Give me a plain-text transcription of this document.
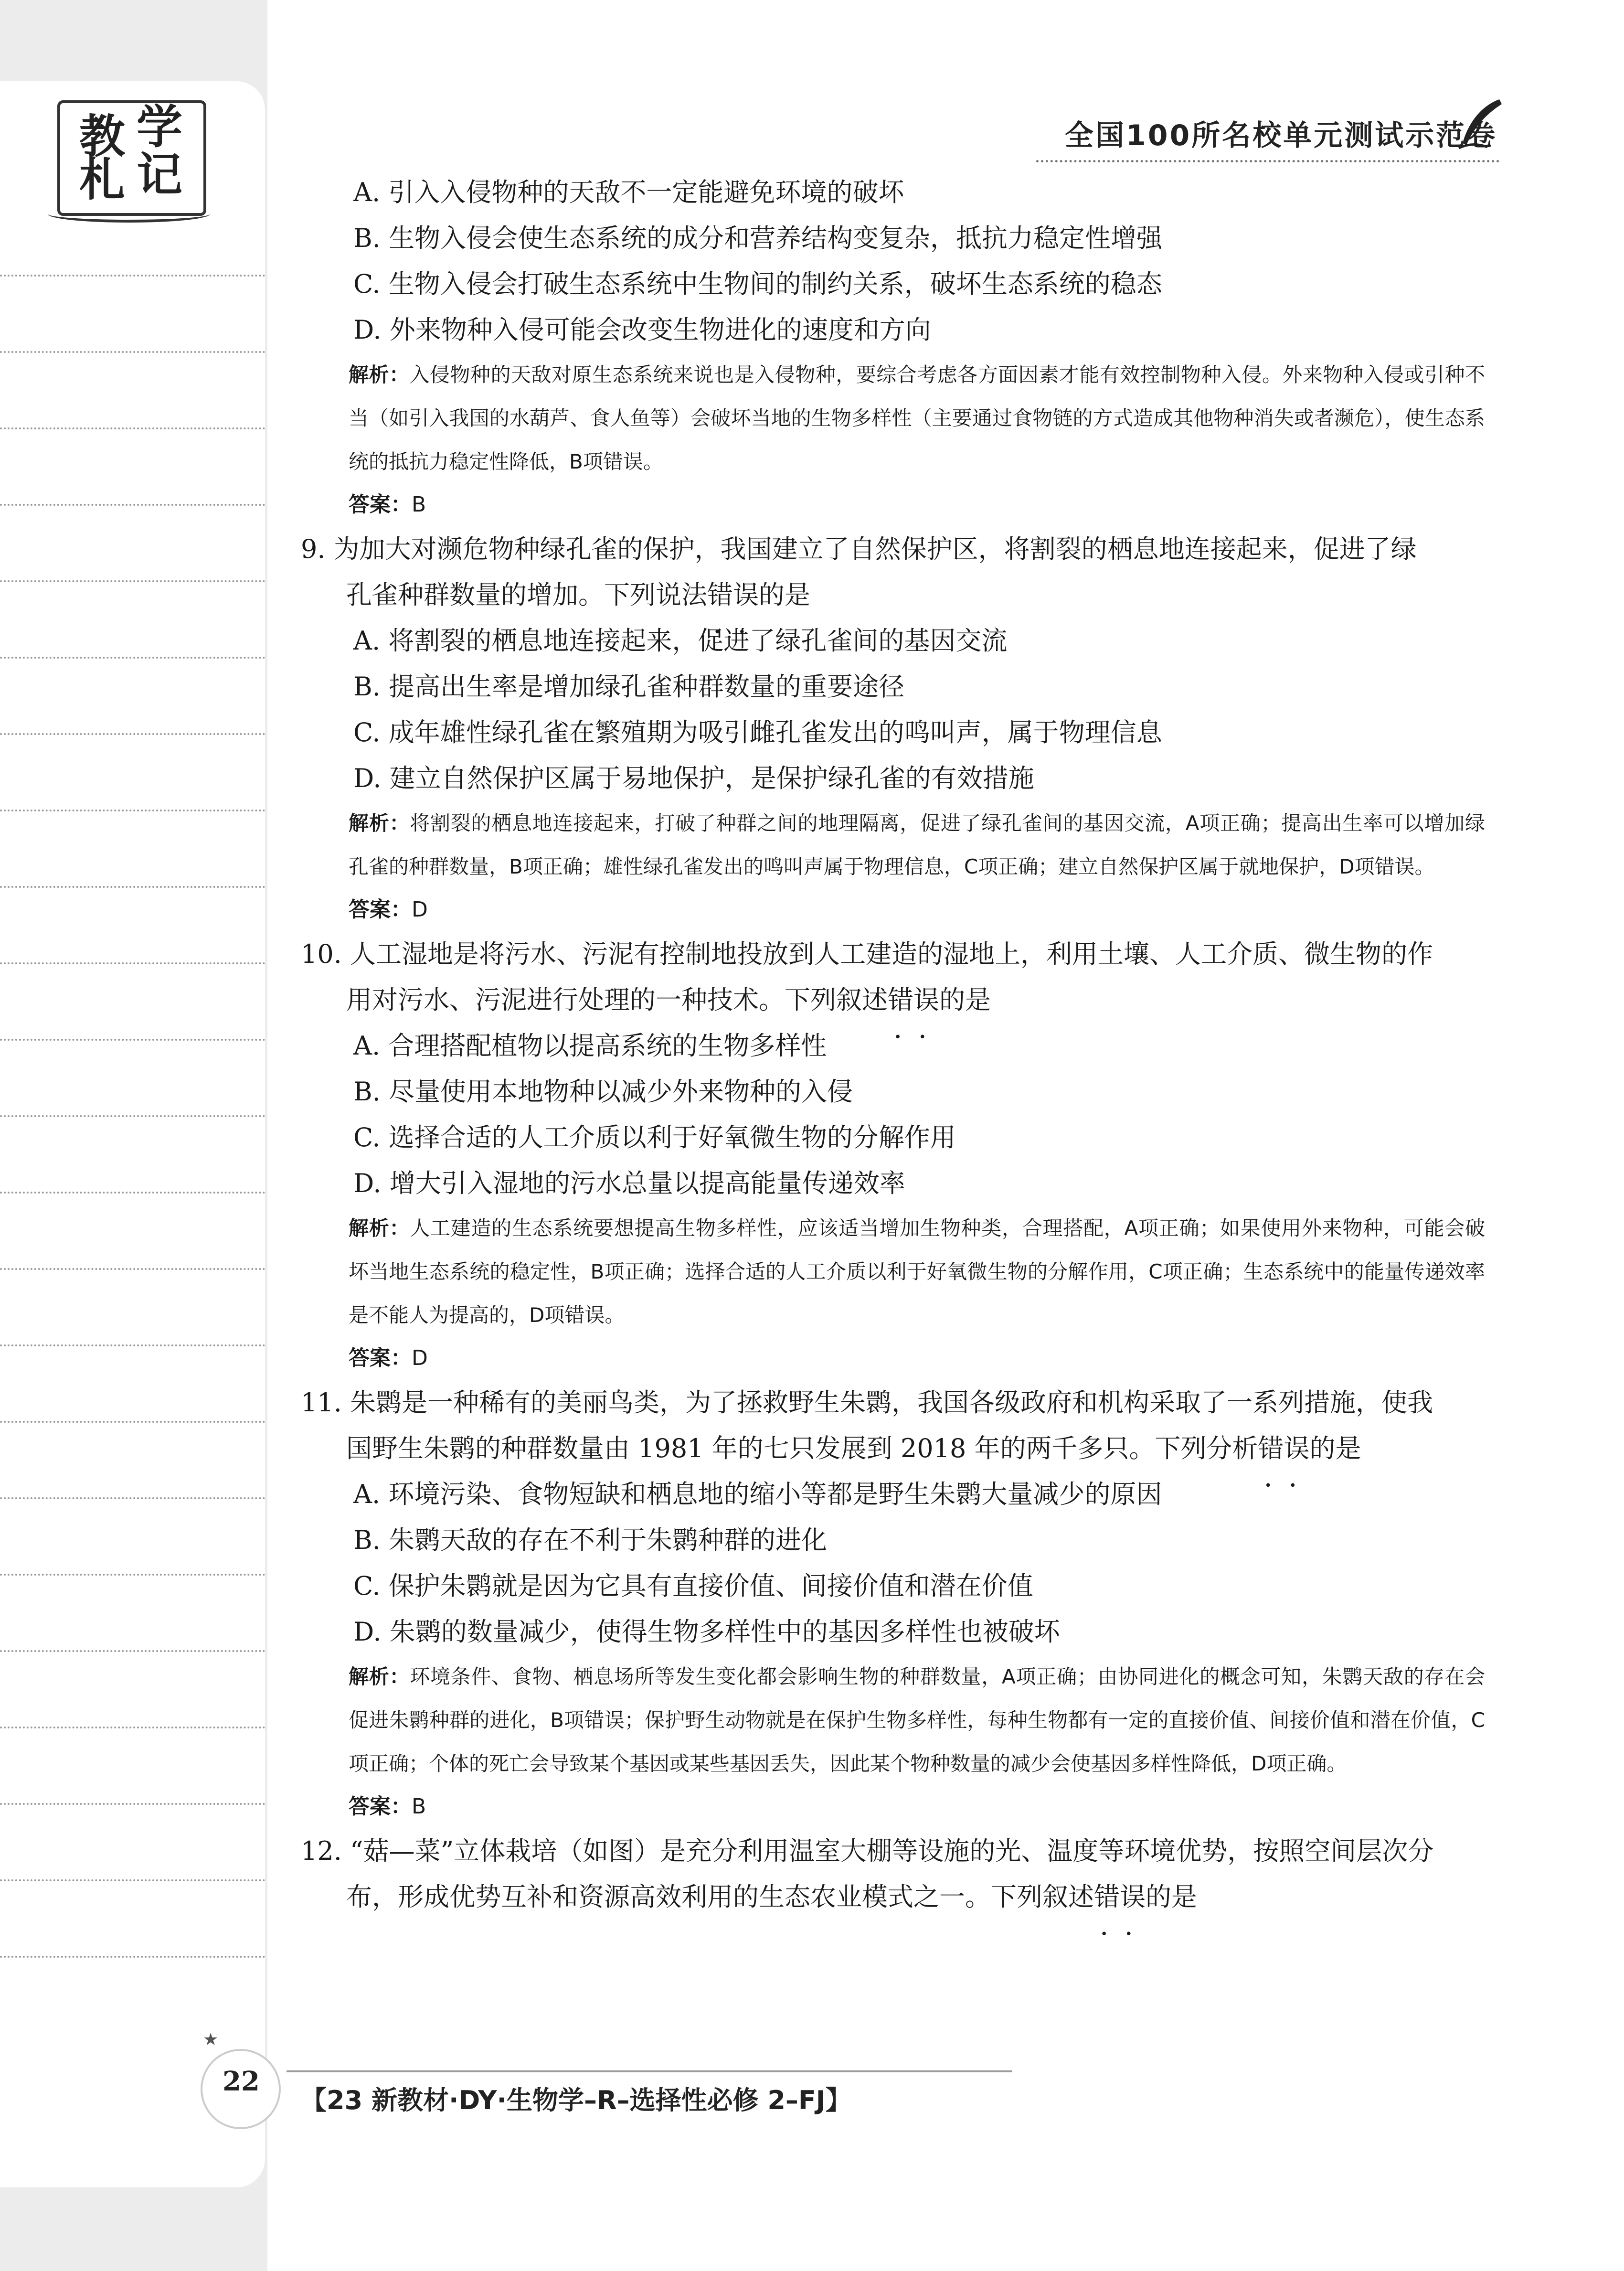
教 学
札 记
全国100所名校单元测试示范卷

A. 引入入侵物种的天敌不一定能避免环境的破坏

B. 生物入侵会使生态系统的成分和营养结构变复杂，抵抗力稳定性增强

C. 生物入侵会打破生态系统中生物间的制约关系，破坏生态系统的稳态

D. 外来物种入侵可能会改变生物进化的速度和方向

解析：入侵物种的天敌对原生态系统来说也是入侵物种，要综合考虑各方面因素才能有效控制物种入侵。外来物种入侵或引种不当（如引入我国的水葫芦、食人鱼等）会破坏当地的生物多样性（主要通过食物链的方式造成其他物种消失或者濒危），使生态系统的抵抗力稳定性降低，B项错误。

答案：B

9. 为加大对濒危物种绿孔雀的保护，我国建立了自然保护区，将割裂的栖息地连接起来，促进了绿

孔雀种群数量的增加。下列说法错误 • •的是

A. 将割裂的栖息地连接起来，促进了绿孔雀间的基因交流

B. 提高出生率是增加绿孔雀种群数量的重要途径

C. 成年雄性绿孔雀在繁殖期为吸引雌孔雀发出的鸣叫声，属于物理信息

D. 建立自然保护区属于易地保护，是保护绿孔雀的有效措施

解析：将割裂的栖息地连接起来，打破了种群之间的地理隔离，促进了绿孔雀间的基因交流，A项正确；提高出生率可以增加绿孔雀的种群数量，B项正确；雄性绿孔雀发出的鸣叫声属于物理信息，C项正确；建立自然保护区属于就地保护，D项错误。

答案：D

10. 人工湿地是将污水、污泥有控制地投放到人工建造的湿地上，利用土壤、人工介质、微生物的作

用对污水、污泥进行处理的一种技术。下列叙述错误 • •的是

A. 合理搭配植物以提高系统的生物多样性

B. 尽量使用本地物种以减少外来物种的入侵

C. 选择合适的人工介质以利于好氧微生物的分解作用

D. 增大引入湿地的污水总量以提高能量传递效率

解析：人工建造的生态系统要想提高生物多样性，应该适当增加生物种类，合理搭配，A项正确；如果使用外来物种，可能会破坏当地生态系统的稳定性，B项正确；选择合适的人工介质以利于好氧微生物的分解作用，C项正确；生态系统中的能量传递效率是不能人为提高的，D项错误。

答案：D

11. 朱鹮是一种稀有的美丽鸟类，为了拯救野生朱鹮，我国各级政府和机构采取了一系列措施，使我

国野生朱鹮的种群数量由 1981 年的七只发展到 2018 年的两千多只。下列分析错误 • •的是

A. 环境污染、食物短缺和栖息地的缩小等都是野生朱鹮大量减少的原因

B. 朱鹮天敌的存在不利于朱鹮种群的进化

C. 保护朱鹮就是因为它具有直接价值、间接价值和潜在价值

D. 朱鹮的数量减少，使得生物多样性中的基因多样性也被破坏

解析：环境条件、食物、栖息场所等发生变化都会影响生物的种群数量，A项正确；由协同进化的概念可知，朱鹮天敌的存在会促进朱鹮种群的进化，B项错误；保护野生动物就是在保护生物多样性，每种生物都有一定的直接价值、间接价值和潜在价值，C项正确；个体的死亡会导致某个基因或某些基因丢失，因此某个物种数量的减少会使基因多样性降低，D项正确。

答案：B

12. “菇—菜”立体栽培（如图）是充分利用温室大棚等设施的光、温度等环境优势，按照空间层次分

布，形成优势互补和资源高效利用的生态农业模式之一。下列叙述错误 • •的是

★
22
【23 新教材·DY·生物学–R–选择性必修 2–FJ】
